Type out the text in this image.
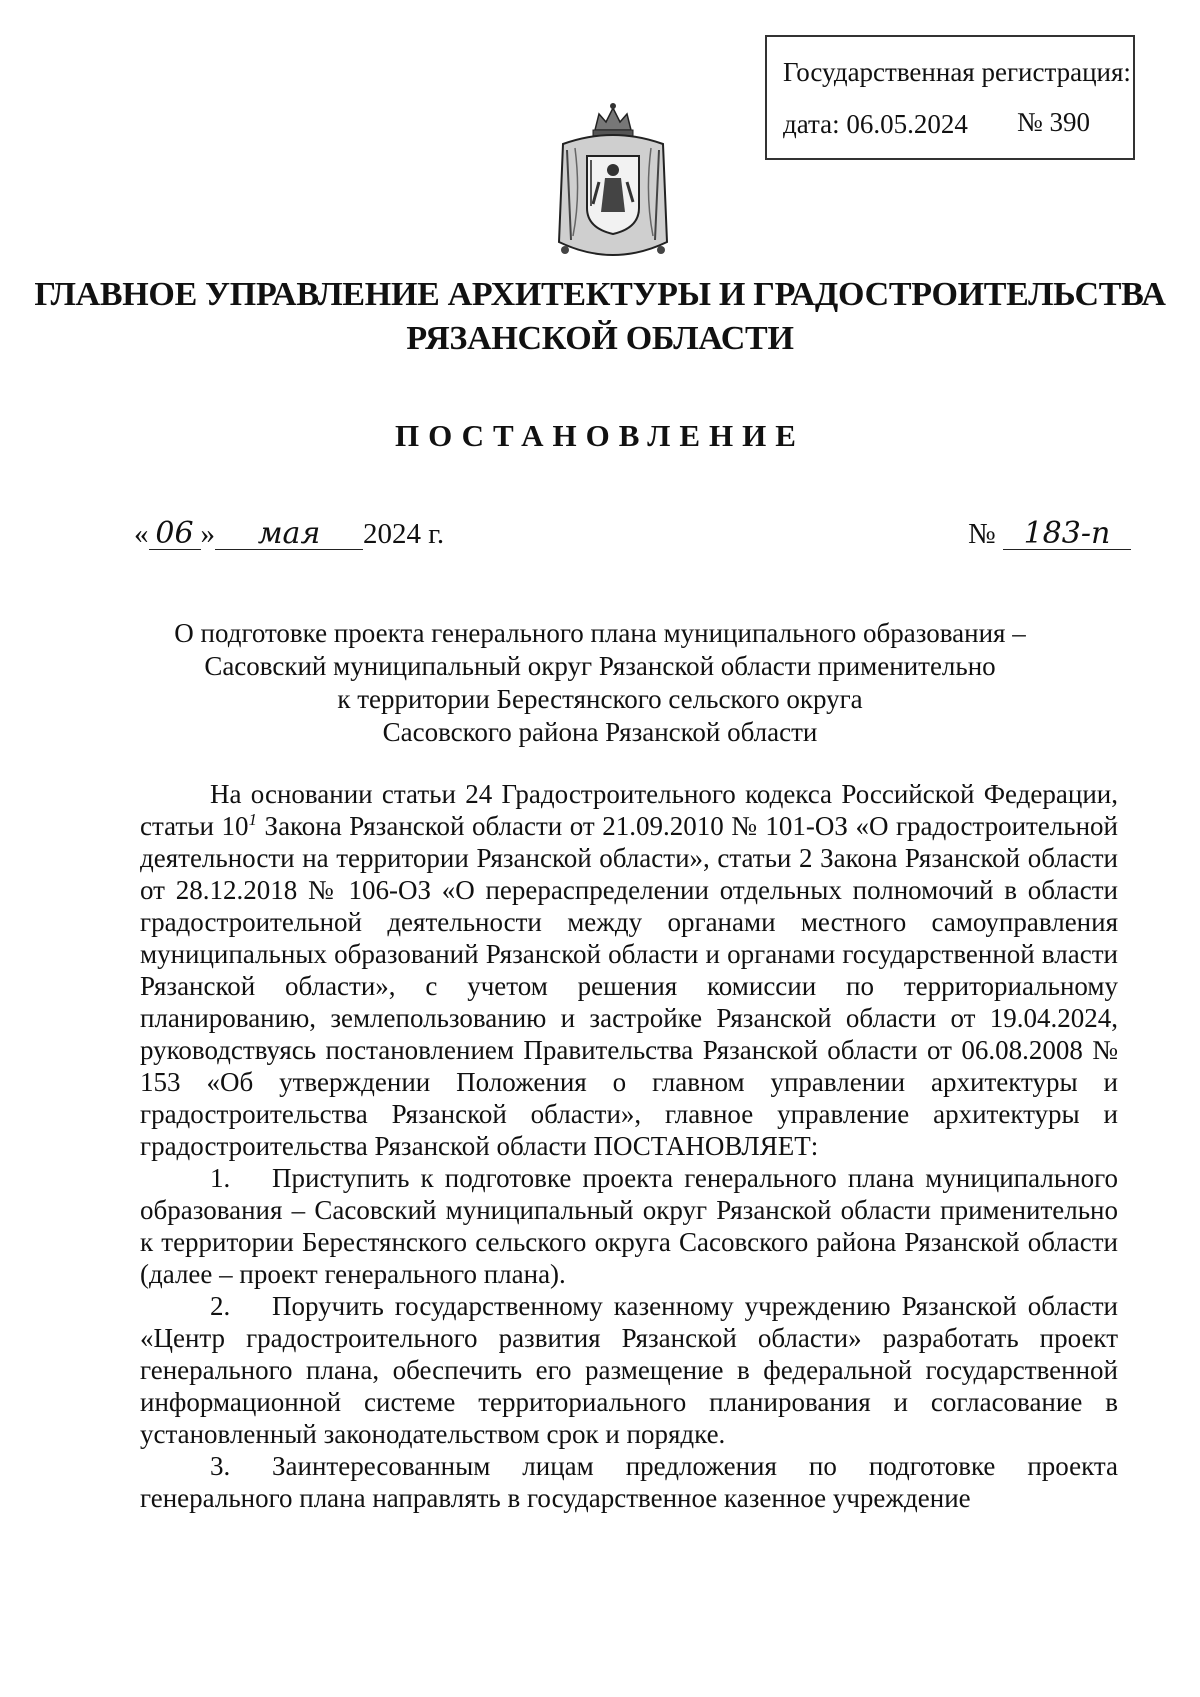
Государственная регистрация:
дата: 06.05.2024 № 390
ГЛАВНОЕ УПРАВЛЕНИЕ АРХИТЕКТУРЫ И ГРАДОСТРОИТЕЛЬСТВА
РЯЗАНСКОЙ ОБЛАСТИ
ПОСТАНОВЛЕНИЕ
« 06 » мая 2024 г.	№ 183-п
О подготовке проекта генерального плана муниципального образования –
Сасовский муниципальный округ Рязанской области применительно
к территории Берестянского сельского округа
Сасовского района Рязанской области

На основании статьи 24 Градостроительного кодекса Российской Федерации, статьи $10^1$ Закона Рязанской области от 21.09.2010 № 101-ОЗ «О градостроительной деятельности на территории Рязанской области», статьи 2 Закона Рязанской области от 28.12.2018 № 106-ОЗ «О перераспределении отдельных полномочий в области градостроительной деятельности между органами местного самоуправления муниципальных образований Рязанской области и органами государственной власти Рязанской области», с учетом решения комиссии по территориальному планированию, землепользованию и застройке Рязанской области от 19.04.2024, руководствуясь постановлением Правительства Рязанской области от 06.08.2008 № 153 «Об утверждении Положения о главном управлении архитектуры и градостроительства Рязанской области», главное управление архитектуры и градостроительства Рязанской области ПОСТАНОВЛЯЕТ:

1. Приступить к подготовке проекта генерального плана муниципального образования – Сасовский муниципальный округ Рязанской области применительно к территории Берестянского сельского округа Сасовского района Рязанской области (далее – проект генерального плана).

2. Поручить государственному казенному учреждению Рязанской области «Центр градостроительного развития Рязанской области» разработать проект генерального плана, обеспечить его размещение в федеральной государственной информационной системе территориального планирования и согласование в установленный законодательством срок и порядке.

3. Заинтересованным лицам предложения по подготовке проекта генерального плана направлять в государственное казенное учреждение
